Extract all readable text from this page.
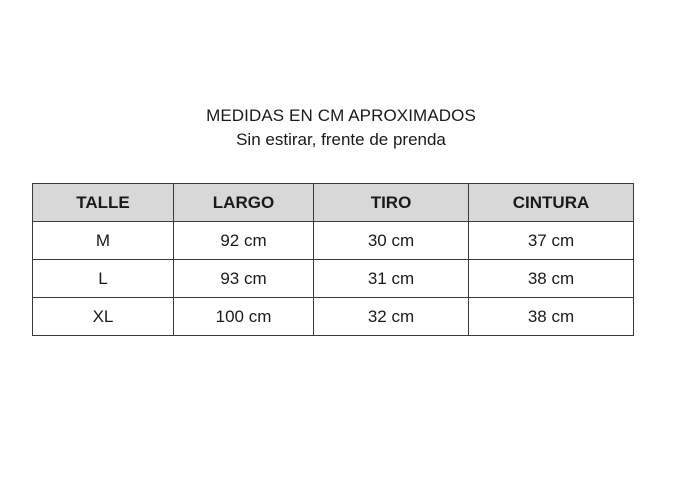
MEDIDAS EN CM APROXIMADOS
Sin estirar, frente de prenda
TALLE	LARGO	TIRO	CINTURA
M	92 cm	30 cm	37 cm
L	93 cm	31 cm	38 cm
XL	100 cm	32 cm	38 cm
